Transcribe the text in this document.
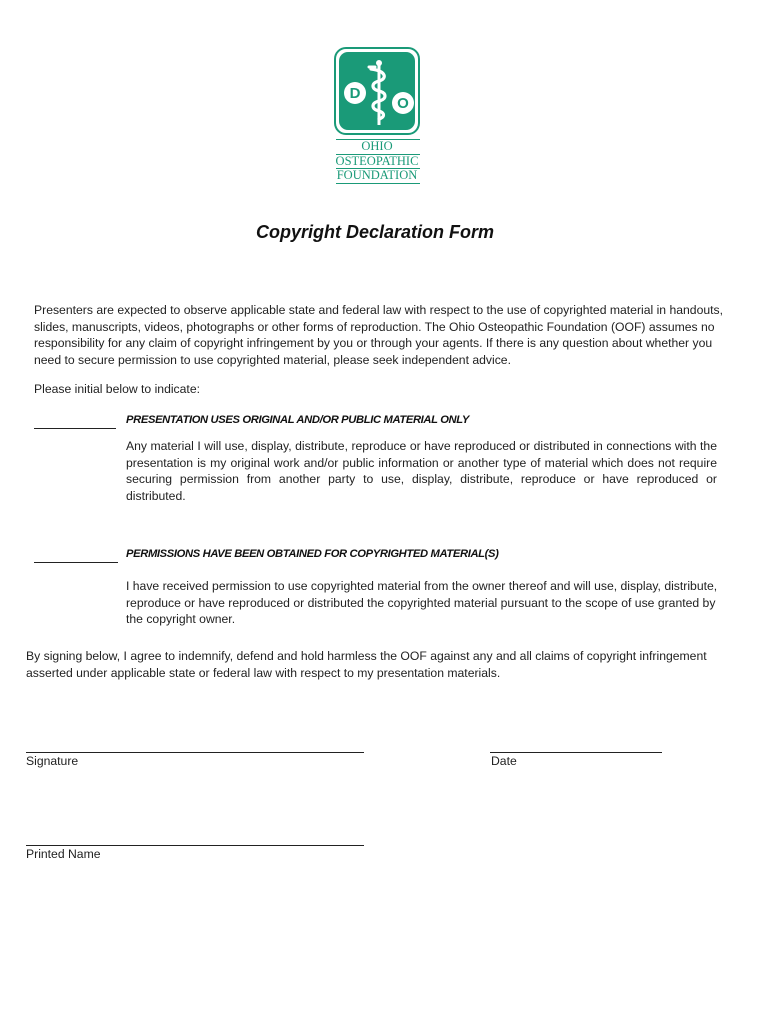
D
O
OHIO
OSTEOPATHIC
FOUNDATION
Copyright Declaration Form
Presenters are expected to observe applicable state and federal law with respect to the use of copyrighted material in handouts, slides, manuscripts, videos, photographs or other forms of reproduction. The Ohio Osteopathic Foundation (OOF) assumes no responsibility for any claim of copyright infringement by you or through your agents. If there is any question about whether you need to secure permission to use copyrighted material, please seek independent advice.
Please initial below to indicate:
PRESENTATION USES ORIGINAL AND/OR PUBLIC MATERIAL ONLY
Any material I will use, display, distribute, reproduce or have reproduced or distributed in connections with the presentation is my original work and/or public information or another type of material which does not require securing permission from another party to use, display, distribute, reproduce or have reproduced or distributed.
PERMISSIONS HAVE BEEN OBTAINED FOR COPYRIGHTED MATERIAL(S)
I have received permission to use copyrighted material from the owner thereof and will use, display, distribute, reproduce or have reproduced or distributed the copyrighted material pursuant to the scope of use granted by the copyright owner.
By signing below, I agree to indemnify, defend and hold harmless the OOF against any and all claims of copyright infringement asserted under applicable state or federal law with respect to my presentation materials.
Signature	Date
Printed Name
